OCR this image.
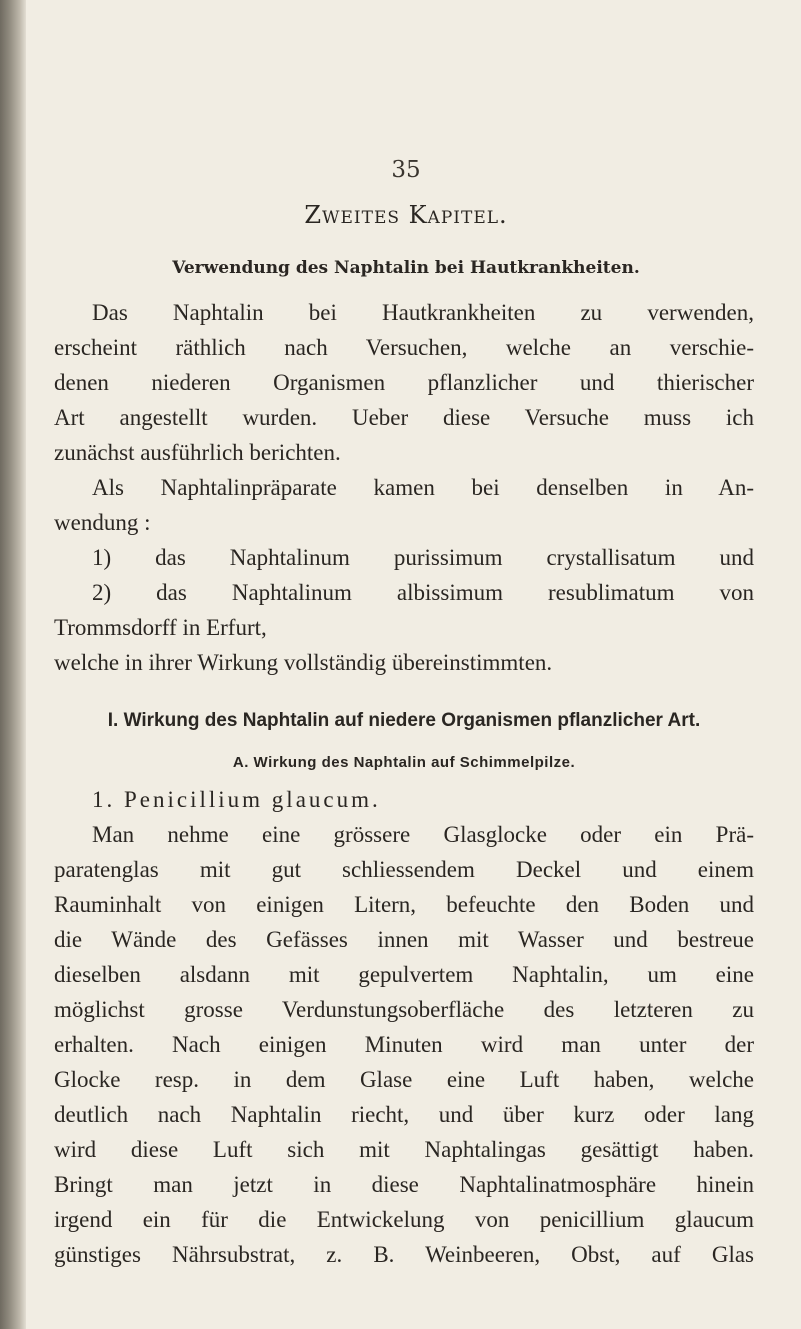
35
Zweites Kapitel.
Verwendung des Naphtalin bei Hautkrankheiten.

Das Naphtalin bei Hautkrankheiten zu verwenden,
erscheint räthlich nach Versuchen, welche an verschie-
denen niederen Organismen pflanzlicher und thierischer
Art angestellt wurden. Ueber diese Versuche muss ich
zunächst ausführlich berichten.

Als Naphtalinpräparate kamen bei denselben in An-
wendung :

1) das Naphtalinum purissimum crystallisatum und
2) das Naphtalinum albissimum resublimatum von
Trommsdorff in Erfurt,
welche in ihrer Wirkung vollständig übereinstimmten.

I. Wirkung des Naphtalin auf niedere Organismen pflanzlicher Art.
A. Wirkung des Naphtalin auf Schimmelpilze.

1. Penicillium glaucum.

Man nehme eine grössere Glasglocke oder ein Prä-
paratenglas mit gut schliessendem Deckel und einem
Rauminhalt von einigen Litern, befeuchte den Boden und
die Wände des Gefässes innen mit Wasser und bestreue
dieselben alsdann mit gepulvertem Naphtalin, um eine
möglichst grosse Verdunstungsoberfläche des letzteren zu
erhalten. Nach einigen Minuten wird man unter der
Glocke resp. in dem Glase eine Luft haben, welche
deutlich nach Naphtalin riecht, und über kurz oder lang
wird diese Luft sich mit Naphtalingas gesättigt haben.
Bringt man jetzt in diese Naphtalinatmosphäre hinein
irgend ein für die Entwickelung von penicillium glaucum
günstiges Nährsubstrat, z. B. Weinbeeren, Obst, auf Glas
